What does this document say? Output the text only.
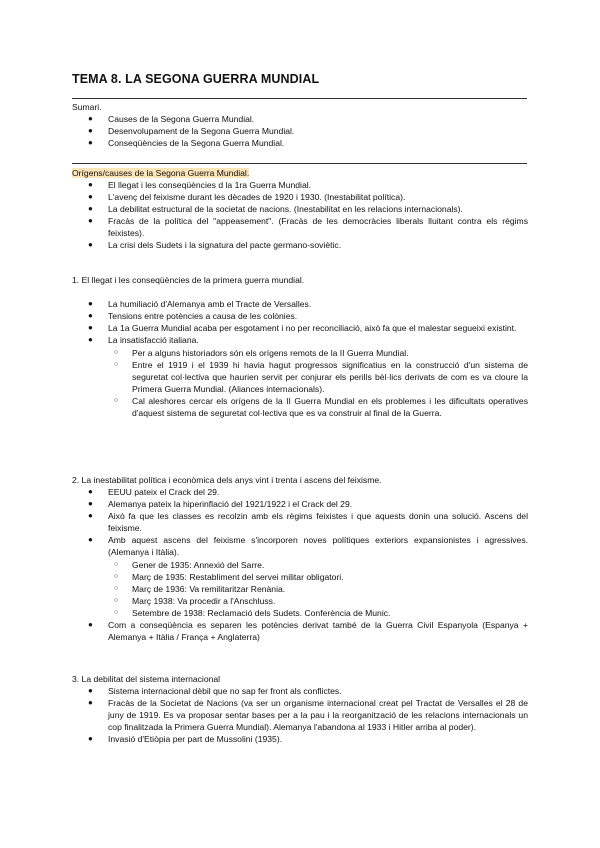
TEMA 8. LA SEGONA GUERRA MUNDIAL

Sumari.

● Causes de la Segona Guerra Mundial.
● Desenvolupament de la Segona Guerra Mundial.
● Conseqüències de la Segona Guerra Mundial.

Orígens/causes de la Segona Guerra Mundial.

● El llegat i les conseqüències d la 1ra Guerra Mundial.
● L'avenç del feixisme durant les dècades de 1920 i 1930. (Inestabilitat política).
● La debilitat estructural de la societat de nacions. (Inestabilitat en les relacions internacionals).
● Fracàs de la política del "appeasement". (Fracàs de les democràcies liberals lluitant contra els règims feixistes).
● La crisi dels Sudets i la signatura del pacte germano-soviètic.

1. El llegat i les conseqüències de la primera guerra mundial.

● La humiliació d'Alemanya amb el Tracte de Versalles.
● Tensions entre potències a causa de les colònies.
● La 1a Guerra Mundial acaba per esgotament i no per reconciliació, això fa que el malestar segueixi existint.
● La insatisfacció italiana.
○ Per a alguns historiadors són els orígens remots de la II Guerra Mundial.
○ Entre el 1919 i el 1939 hi havia hagut progressos significatius en la construcció d'un sistema de seguretat col·lectiva que haurien servit per conjurar els perills bèl·lics derivats de com es va cloure la Primera Guerra Mundial. (Aliances internacionals).
○ Cal aleshores cercar els orígens de la II Guerra Mundial en els problemes i les dificultats operatives d'aquest sistema de seguretat col·lectiva que es va construir al final de la Guerra.

2. La inestabilitat política i econòmica dels anys vint i trenta i ascens del feixisme.

● EEUU pateix el Crack del 29.
● Alemanya pateix la hiperinflació del 1921/1922 i el Crack del 29.
● Això fa que les classes es recolzin amb els règims feixistes i que aquests donin una solució. Ascens del feixisme.
● Amb aquest ascens del feixisme s'incorporen noves polítiques exteriors expansionistes i agressives. (Alemanya i Itàlia).
○ Gener de 1935: Annexió del Sarre.
○ Març de 1935: Restabliment del servei militar obligatori.
○ Març de 1936: Va remilitaritzar Renània.
○ Març 1938: Va procedir a l'Anschluss.
○ Setembre de 1938: Reclamació dels Sudets. Conferència de Munic.
● Com a conseqüència es separen les potències derivat també de la Guerra Civil Espanyola (Espanya + Alemanya + Itàlia / França + Anglaterra)

3. La debilitat del sistema internacional

● Sistema internacional dèbil que no sap fer front als conflictes.
● Fracàs de la Societat de Nacions (va ser un organisme internacional creat pel Tractat de Versalles el 28 de juny de 1919. Es va proposar sentar bases per a la pau i la reorganització de les relacions internacionals un cop finalitzada la Primera Guerra Mundial). Alemanya l'abandona al 1933 i Hitler arriba al poder).
● Invasió d'Etiòpia per part de Mussolini (1935).
